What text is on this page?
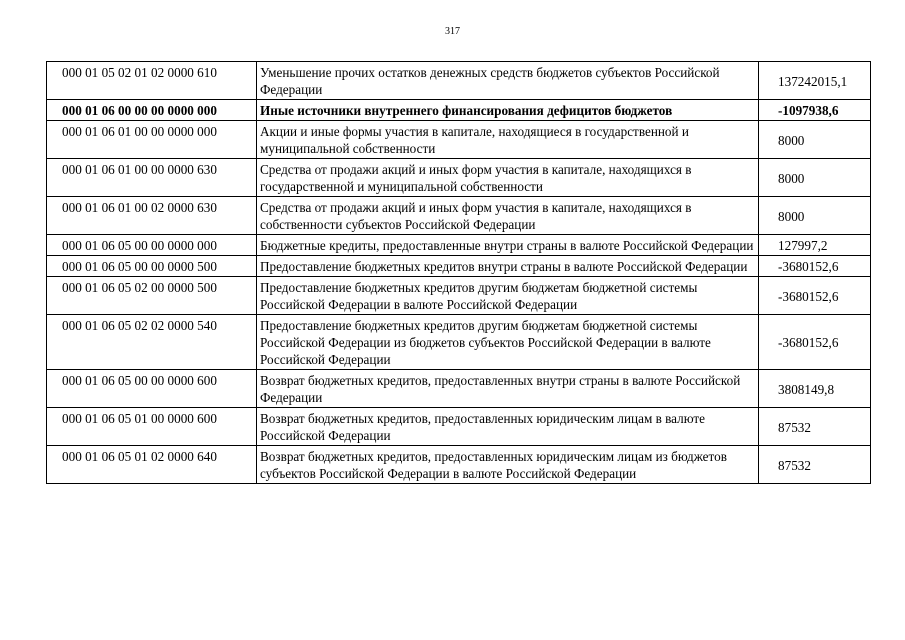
317
000 01 05 02 01 02 0000 610	Уменьшение прочих остатков денежных средств бюджетов субъектов Российской Федерации	137242015,1
000 01 06 00 00 00 0000 000	Иные источники внутреннего финансирования дефицитов бюджетов	-1097938,6
000 01 06 01 00 00 0000 000	Акции и иные формы участия в капитале, находящиеся в государственной и муниципальной собственности	8000
000 01 06 01 00 00 0000 630	Средства от продажи акций и иных форм участия в капитале, находящихся в государственной и муниципальной собственности	8000
000 01 06 01 00 02 0000 630	Средства от продажи акций и иных форм участия в капитале, находящихся в собственности субъектов Российской Федерации	8000
000 01 06 05 00 00 0000 000	Бюджетные кредиты, предоставленные внутри страны в валюте Российской Федерации	127997,2
000 01 06 05 00 00 0000 500	Предоставление бюджетных кредитов внутри страны в валюте Российской Федерации	-3680152,6
000 01 06 05 02 00 0000 500	Предоставление бюджетных кредитов другим бюджетам бюджетной системы Российской Федерации в валюте Российской Федерации	-3680152,6
000 01 06 05 02 02 0000 540	Предоставление бюджетных кредитов другим бюджетам бюджетной системы Российской Федерации из бюджетов субъектов Российской Федерации в валюте Российской Федерации	-3680152,6
000 01 06 05 00 00 0000 600	Возврат бюджетных кредитов, предоставленных внутри страны в валюте Российской Федерации	3808149,8
000 01 06 05 01 00 0000 600	Возврат бюджетных кредитов, предоставленных юридическим лицам в валюте Российской Федерации	87532
000 01 06 05 01 02 0000 640	Возврат бюджетных кредитов, предоставленных юридическим лицам из бюджетов субъектов Российской Федерации в валюте Российской Федерации	87532
